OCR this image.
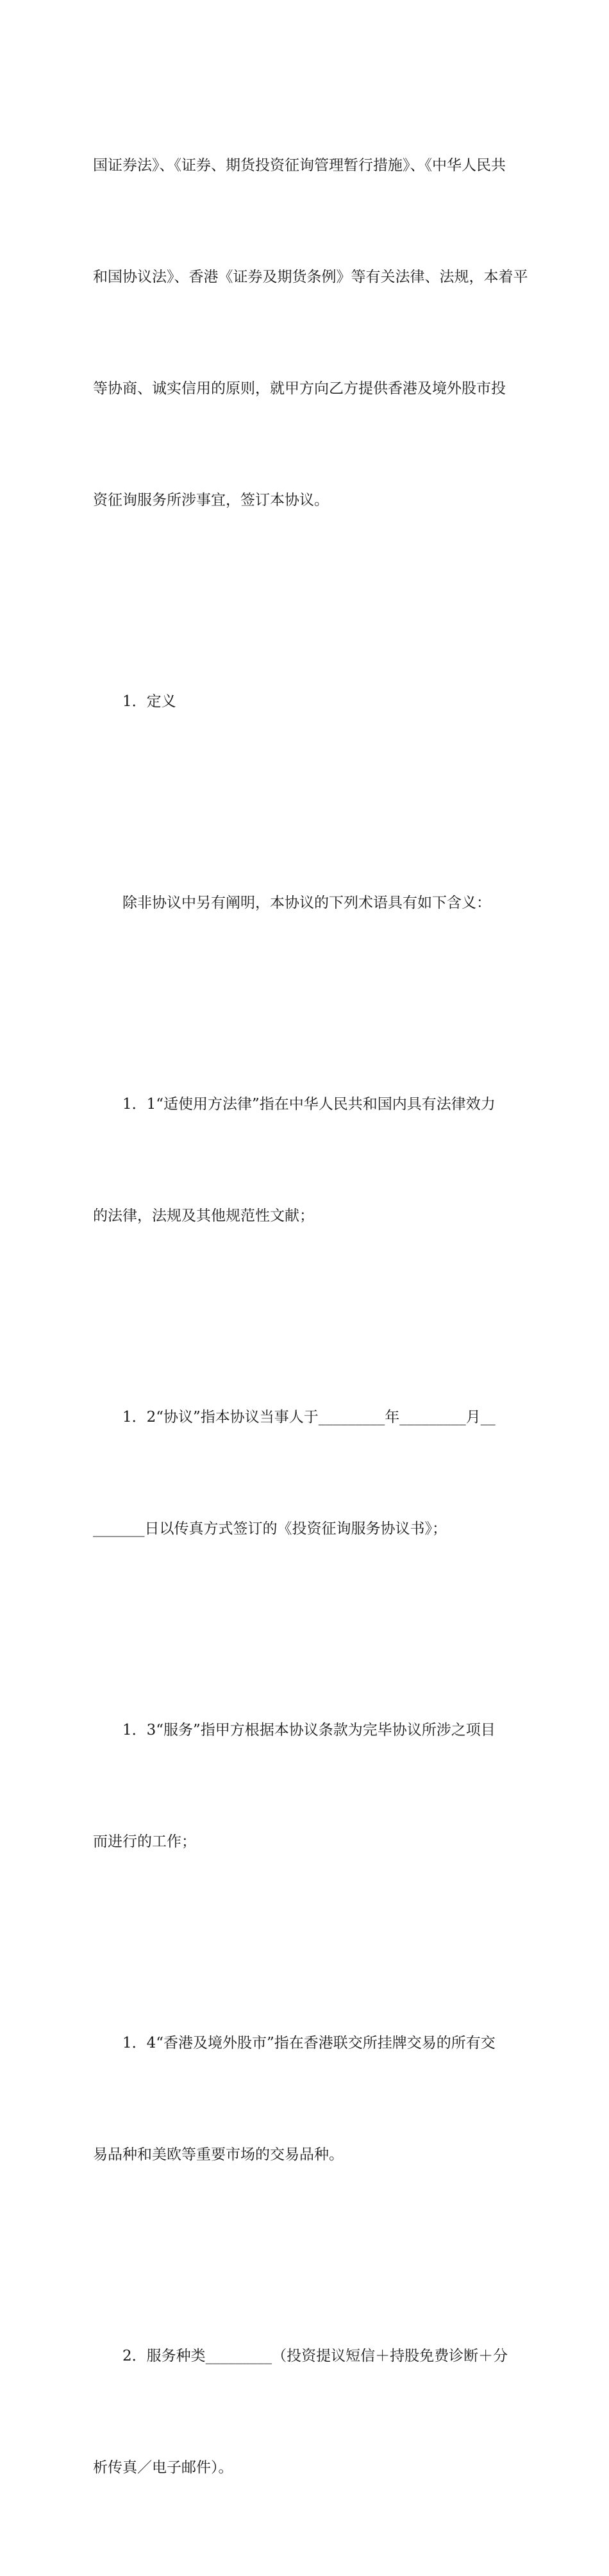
国证券法》、《证券、期货投资征询管理暂行措施》、《中华人民共

和国协议法》、香港《证券及期货条例》等有关法律、法规，本着平

等协商、诚实信用的原则，就甲方向乙方提供香港及境外股市投

资征询服务所涉事宜，签订本协议。

1．定义

除非协议中另有阐明，本协议的下列术语具有如下含义：

1．1“适使用方法律”指在中华人民共和国内具有法律效力

的法律，法规及其他规范性文献；

1．2“协议”指本协议当事人于_________年_________月__

_______日以传真方式签订的《投资征询服务协议书》；

1．3“服务”指甲方根据本协议条款为完毕协议所涉之项目

而进行的工作；

1．4“香港及境外股市”指在香港联交所挂牌交易的所有交

易品种和美欧等重要市场的交易品种。

2．服务种类_________（投资提议短信＋持股免费诊断＋分

析传真／电子邮件）。
